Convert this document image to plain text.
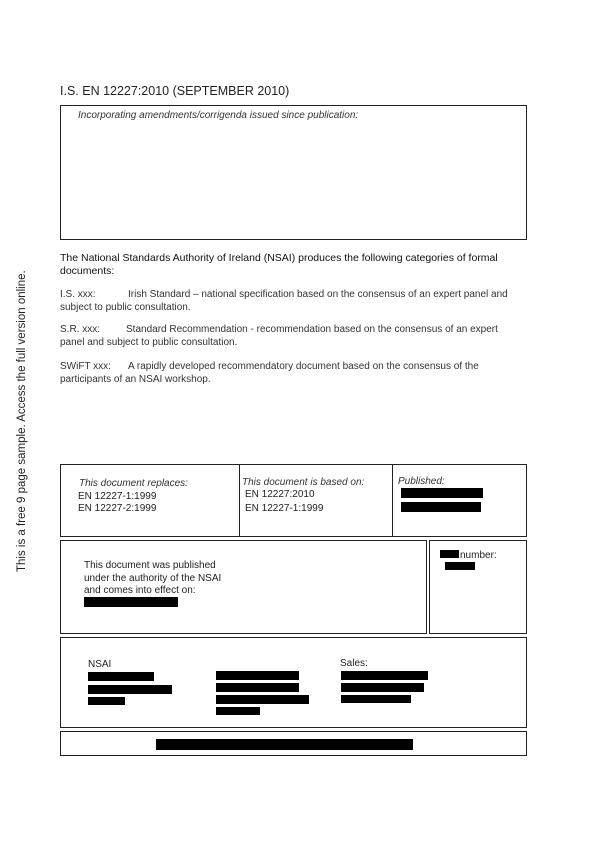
This is a free 9 page sample. Access the full version online.
I.S. EN 12227:2010 (SEPTEMBER 2010)
Incorporating amendments/corrigenda issued since publication:
The National Standards Authority of Ireland (NSAI) produces the following categories of formal documents:
I.S. xxx:	Irish Standard – national specification based on the consensus of an expert panel and
subject to public consultation.
S.R. xxx:	Standard Recommendation - recommendation based on the consensus of an expert
panel and subject to public consultation.
SWiFT xxx:	A rapidly developed recommendatory document based on the consensus of the
participants of an NSAI workshop.
This document replaces:
EN 12227-1:1999
EN 12227-2:1999
This document is based on:
EN 12227:2010
EN 12227-1:1999
Published:
This document was published
under the authority of the NSAI
and comes into effect on:
number:
NSAI	Sales:
